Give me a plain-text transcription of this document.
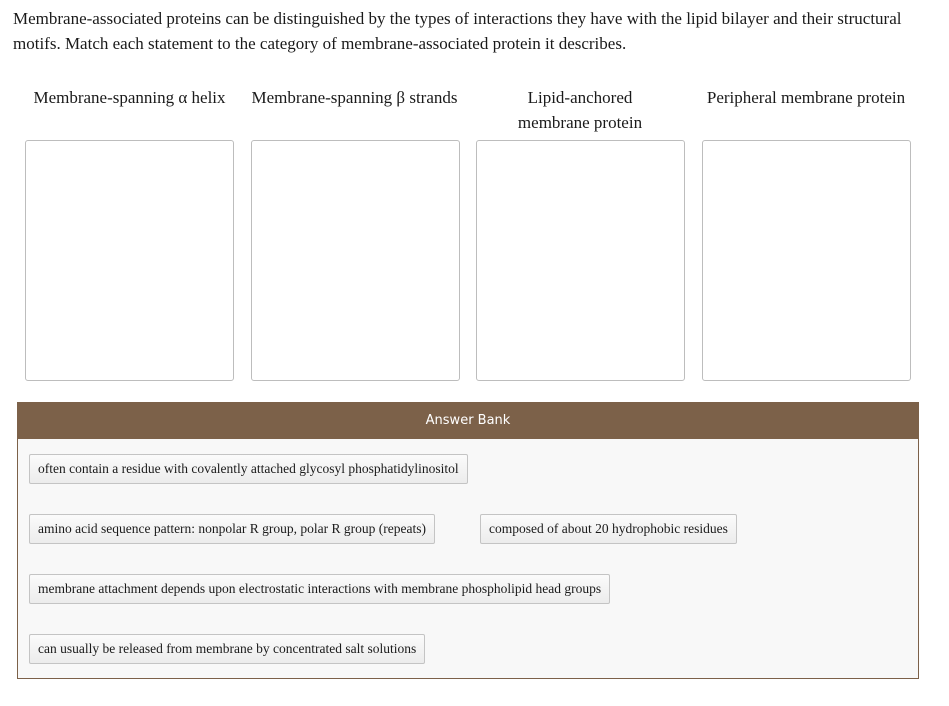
Membrane-associated proteins can be distinguished by the types of interactions they have with the lipid bilayer and their structural motifs. Match each statement to the category of membrane-associated protein it describes.
Membrane-spanning α helix	Membrane-spanning β strands	Lipid-anchored membrane protein
Peripheral membrane protein
Answer Bank
often contain a residue with covalently attached glycosyl phosphatidylinositol
amino acid sequence pattern: nonpolar R group, polar R group (repeats)	composed of about 20 hydrophobic residues
membrane attachment depends upon electrostatic interactions with membrane phospholipid head groups
can usually be released from membrane by concentrated salt solutions
